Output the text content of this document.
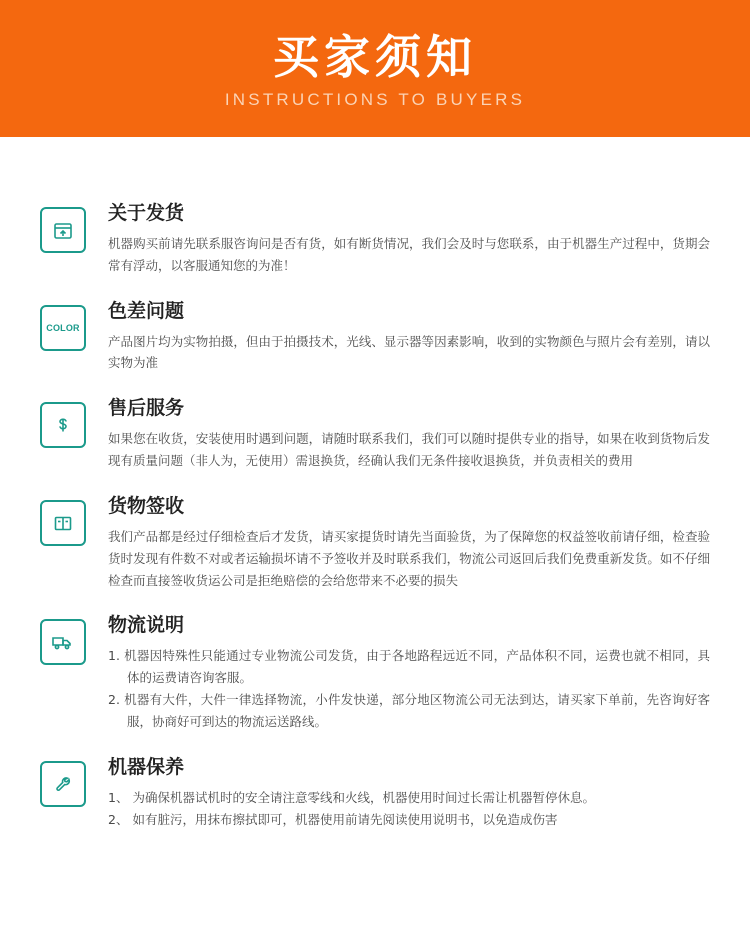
买家须知
INSTRUCTIONS TO BUYERS
关于发货

机器购买前请先联系服咨询问是否有货，如有断货情况，我们会及时与您联系，由于机器生产过程中，货期会常有浮动，以客服通知您的为准！

COLOR
色差问题

产品图片均为实物拍摄，但由于拍摄技术，光线、显示器等因素影响，收到的实物颜色与照片会有差别，请以实物为准

售后服务

如果您在收货，安装使用时遇到问题，请随时联系我们，我们可以随时提供专业的指导，如果在收到货物后发现有质量问题（非人为，无使用）需退换货，经确认我们无条件接收退换货，并负责相关的费用

货物签收

我们产品都是经过仔细检查后才发货，请买家提货时请先当面验货，为了保障您的权益签收前请仔细，检查验货时发现有件数不对或者运输损坏请不予签收并及时联系我们，物流公司返回后我们免费重新发货。如不仔细检查而直接签收货运公司是拒绝赔偿的会给您带来不必要的损失

物流说明
1. 机器因特殊性只能通过专业物流公司发货，由于各地路程远近不同，产品体积不同，运费也就不相同，具体的运费请咨询客服。
2. 机器有大件，大件一律选择物流，小件发快递，部分地区物流公司无法到达，请买家下单前，先咨询好客服，协商好可到达的物流运送路线。
机器保养
1、 为确保机器试机时的安全请注意零线和火线，机器使用时间过长需让机器暂停休息。
2、 如有脏污，用抹布擦拭即可，机器使用前请先阅读使用说明书，以免造成伤害
